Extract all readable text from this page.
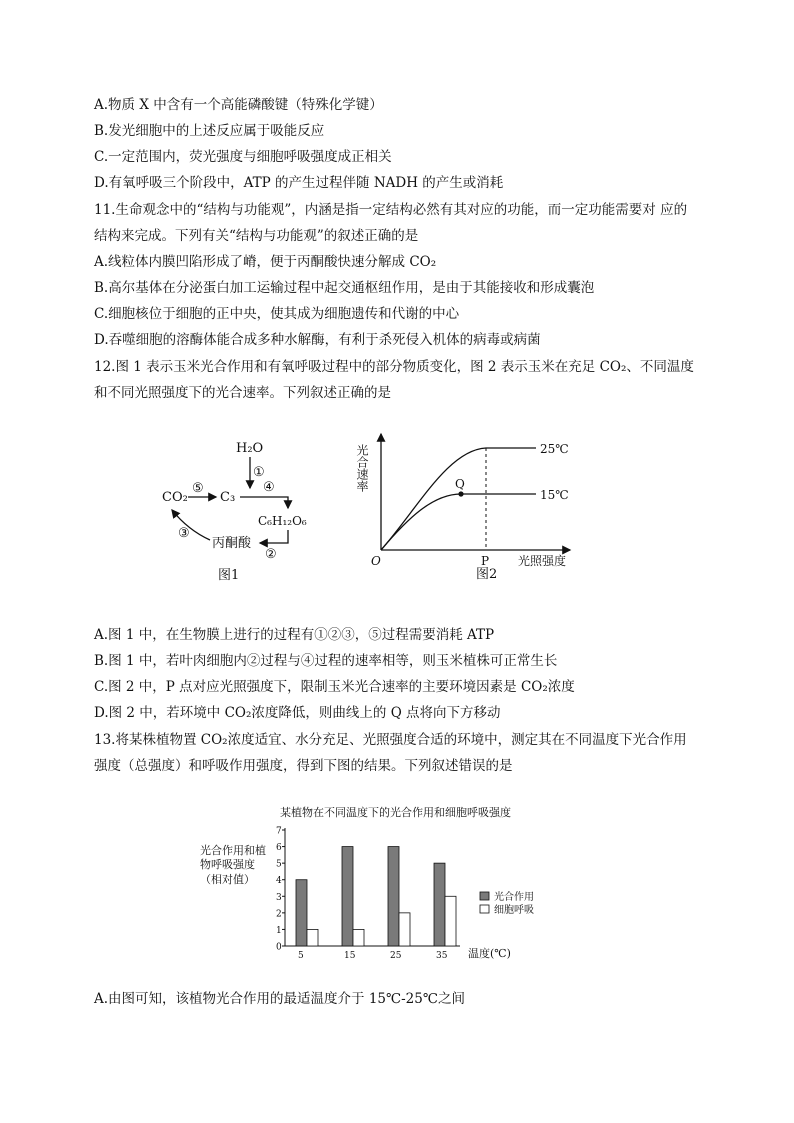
A.物质 X 中含有一个高能磷酸键（特殊化学键）
B.发光细胞中的上述反应属于吸能反应
C.一定范围内，荧光强度与细胞呼吸强度成正相关
D.有氧呼吸三个阶段中，ATP 的产生过程伴随 NADH 的产生或消耗
11.生命观念中的“结构与功能观”，内涵是指一定结构必然有其对应的功能，而一定功能需要对 应的
结构来完成。下列有关“结构与功能观”的叙述正确的是
A.线粒体内膜凹陷形成了嵴，便于丙酮酸快速分解成 CO₂
B.高尔基体在分泌蛋白加工运输过程中起交通枢纽作用，是由于其能接收和形成囊泡
C.细胞核位于细胞的正中央，使其成为细胞遗传和代谢的中心
D.吞噬细胞的溶酶体能合成多种水解酶，有利于杀死侵入机体的病毒或病菌
12.图 1 表示玉米光合作用和有氧呼吸过程中的部分物质变化，图 2 表示玉米在充足 CO₂、不同温度
和不同光照强度下的光合速率。下列叙述正确的是
H₂O
①
CO₂
⑤
C₃
④
C₆H₁₂O₆
②
丙酮酸
③
图1
光合速率
O
Q
P
25℃
15℃
光照强度
图2
A.图 1 中，在生物膜上进行的过程有①②③，⑤过程需要消耗 ATP
B.图 1 中，若叶肉细胞内②过程与④过程的速率相等，则玉米植株可正常生长
C.图 2 中，P 点对应光照强度下，限制玉米光合速率的主要环境因素是 CO₂浓度
D.图 2 中，若环境中 CO₂浓度降低，则曲线上的 Q 点将向下方移动
13.将某株植物置 CO₂浓度适宜、水分充足、光照强度合适的环境中，测定其在不同温度下光合作用
强度（总强度）和呼吸作用强度，得到下图的结果。下列叙述错误的是
某植物在不同温度下的光合作用和细胞呼吸强度
光合作用和植
物呼吸强度
（相对值）
0
1
2
3
4
5
6
7
5	15	25	35
光合作用
细胞呼吸
温度(℃)
A.由图可知，该植物光合作用的最适温度介于 15℃-25℃之间
